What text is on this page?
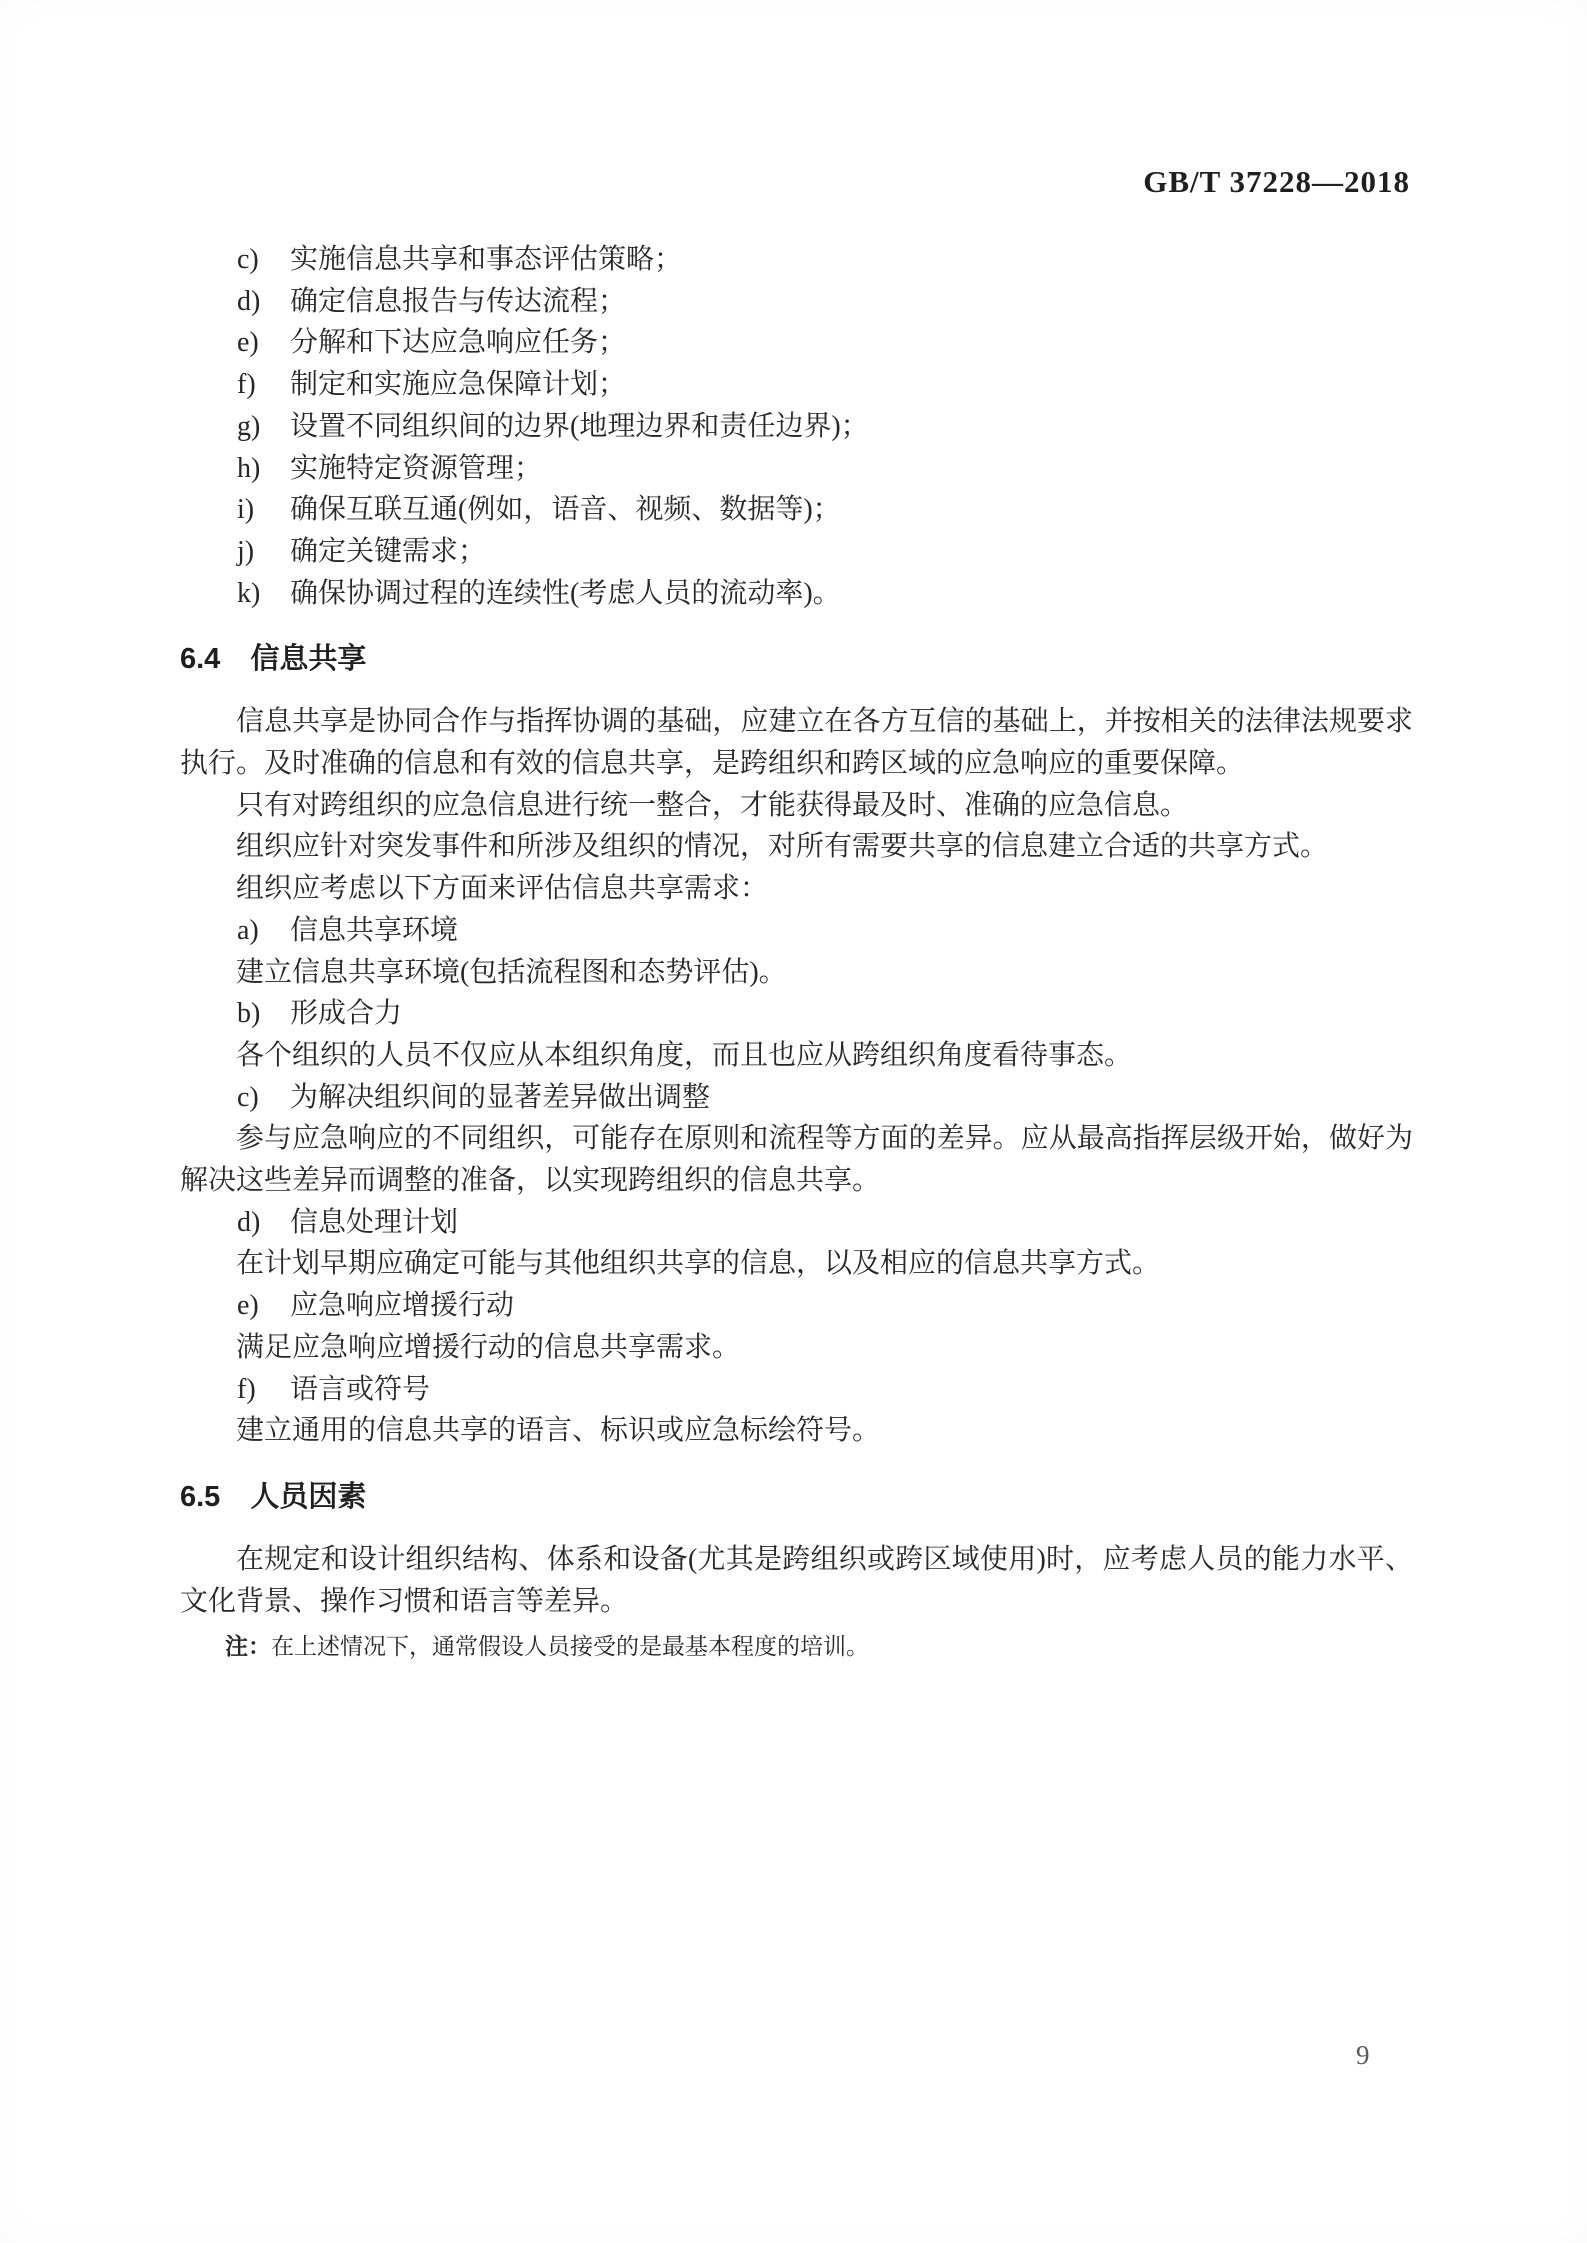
GB/T 37228—2018
c) 实施信息共享和事态评估策略；
d) 确定信息报告与传达流程；
e) 分解和下达应急响应任务；
f) 制定和实施应急保障计划；
g) 设置不同组织间的边界(地理边界和责任边界)；
h) 实施特定资源管理；
i) 确保互联互通(例如，语音、视频、数据等)；
j) 确定关键需求；
k) 确保协调过程的连续性(考虑人员的流动率)。
6.4 信息共享

信息共享是协同合作与指挥协调的基础，应建立在各方互信的基础上，并按相关的法律法规要求执行。及时准确的信息和有效的信息共享，是跨组织和跨区域的应急响应的重要保障。

只有对跨组织的应急信息进行统一整合，才能获得最及时、准确的应急信息。

组织应针对突发事件和所涉及组织的情况，对所有需要共享的信息建立合适的共享方式。

组织应考虑以下方面来评估信息共享需求：

a) 信息共享环境

建立信息共享环境(包括流程图和态势评估)。

b) 形成合力

各个组织的人员不仅应从本组织角度，而且也应从跨组织角度看待事态。

c) 为解决组织间的显著差异做出调整

参与应急响应的不同组织，可能存在原则和流程等方面的差异。应从最高指挥层级开始，做好为解决这些差异而调整的准备，以实现跨组织的信息共享。

d) 信息处理计划

在计划早期应确定可能与其他组织共享的信息，以及相应的信息共享方式。

e) 应急响应增援行动

满足应急响应增援行动的信息共享需求。

f) 语言或符号

建立通用的信息共享的语言、标识或应急标绘符号。

6.5 人员因素

在规定和设计组织结构、体系和设备(尤其是跨组织或跨区域使用)时，应考虑人员的能力水平、文化背景、操作习惯和语言等差异。

注：在上述情况下，通常假设人员接受的是最基本程度的培训。
9
